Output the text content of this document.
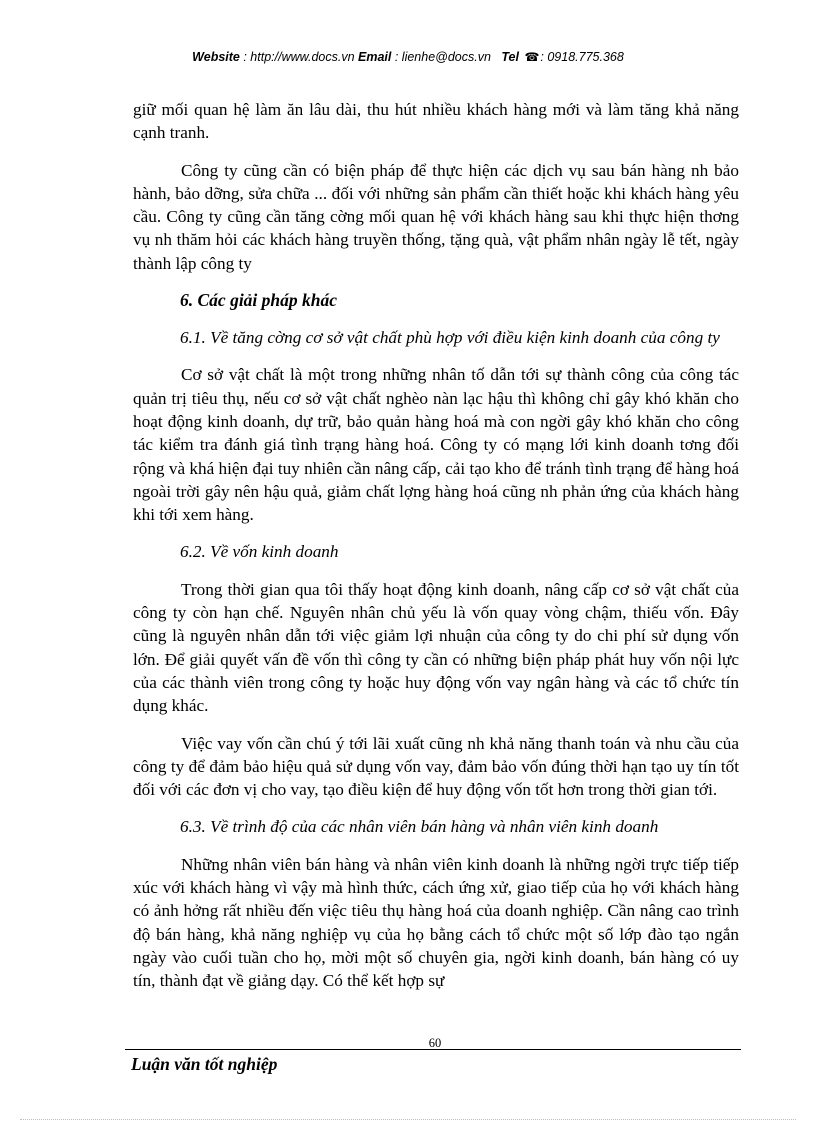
Website : http://www.docs.vn Email : lienhe@docs.vn Tel ☎: 0918.775.368

giữ mối quan hệ làm ăn lâu dài, thu hút nhiều khách hàng mới và làm tăng khả năng cạnh tranh.

Công ty cũng cần có biện pháp để thực hiện các dịch vụ sau bán hàng nh bảo hành, bảo dỡng, sửa chữa ... đối với những sản phẩm cần thiết hoặc khi khách hàng yêu cầu. Công ty cũng cần tăng cờng mối quan hệ với khách hàng sau khi thực hiện thơng vụ nh thăm hỏi các khách hàng truyền thống, tặng quà, vật phẩm nhân ngày lễ tết, ngày thành lập công ty

6. Các giải pháp khác
6.1. Về tăng cờng cơ sở vật chất phù hợp với điều kiện kinh doanh của công ty

Cơ sở vật chất là một trong những nhân tố dẫn tới sự thành công của công tác quản trị tiêu thụ, nếu cơ sở vật chất nghèo nàn lạc hậu thì không chỉ gây khó khăn cho hoạt động kinh doanh, dự trữ, bảo quản hàng hoá mà con ngời gây khó khăn cho công tác kiểm tra đánh giá tình trạng hàng hoá. Công ty có mạng lới kinh doanh tơng đối rộng và khá hiện đại tuy nhiên cần nâng cấp, cải tạo kho để tránh tình trạng để hàng hoá ngoài trời gây nên hậu quả, giảm chất lợng hàng hoá cũng nh phản ứng của khách hàng khi tới xem hàng.

6.2. Về vốn kinh doanh

Trong thời gian qua tôi thấy hoạt động kinh doanh, nâng cấp cơ sở vật chất của công ty còn hạn chế. Nguyên nhân chủ yếu là vốn quay vòng chậm, thiếu vốn. Đây cũng là nguyên nhân dẫn tới việc giảm lợi nhuận của công ty do chi phí sử dụng vốn lớn. Để giải quyết vấn đề vốn thì công ty cần có những biện pháp phát huy vốn nội lực của các thành viên trong công ty hoặc huy động vốn vay ngân hàng và các tổ chức tín dụng khác.

Việc vay vốn cần chú ý tới lãi xuất cũng nh khả năng thanh toán và nhu cầu của công ty để đảm bảo hiệu quả sử dụng vốn vay, đảm bảo vốn đúng thời hạn tạo uy tín tốt đối với các đơn vị cho vay, tạo điều kiện để huy động vốn tốt hơn trong thời gian tới.

6.3. Về trình độ của các nhân viên bán hàng và nhân viên kinh doanh

Những nhân viên bán hàng và nhân viên kinh doanh là những ngời trực tiếp tiếp xúc với khách hàng vì vậy mà hình thức, cách ứng xử, giao tiếp của họ với khách hàng có ảnh hởng rất nhiều đến việc tiêu thụ hàng hoá của doanh nghiệp. Cần nâng cao trình độ bán hàng, khả năng nghiệp vụ của họ bằng cách tổ chức một số lớp đào tạo ngắn ngày vào cuối tuần cho họ, mời một số chuyên gia, ngời kinh doanh, bán hàng có uy tín, thành đạt về giảng dạy. Có thể kết hợp sự

60
Luận văn tốt nghiệp
